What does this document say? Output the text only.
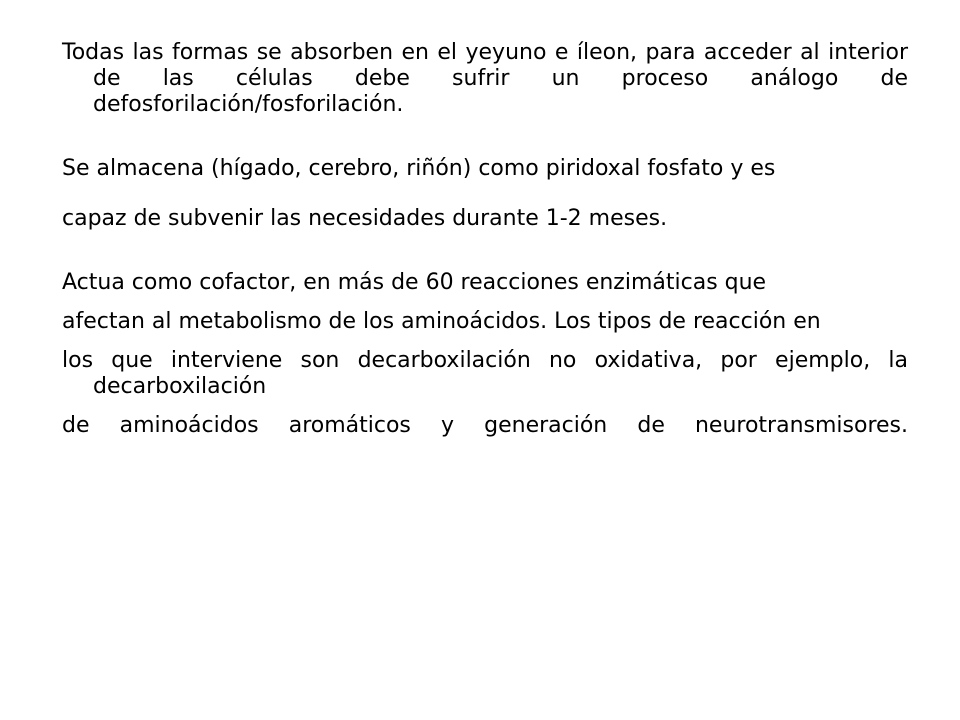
Todas las formas se absorben en el yeyuno e íleon, para acceder al interior de las células debe sufrir un proceso análogo de defosforilación/fosforilación.

Se almacena (hígado, cerebro, riñón) como piridoxal fosfato y es

capaz de subvenir las necesidades durante 1-2 meses.

Actua como cofactor, en más de 60 reacciones enzimáticas que

afectan al metabolismo de los aminoácidos. Los tipos de reacción en

los que interviene son decarboxilación no oxidativa, por ejemplo, la decarboxilación

de aminoácidos aromáticos y generación de neurotransmisores.
